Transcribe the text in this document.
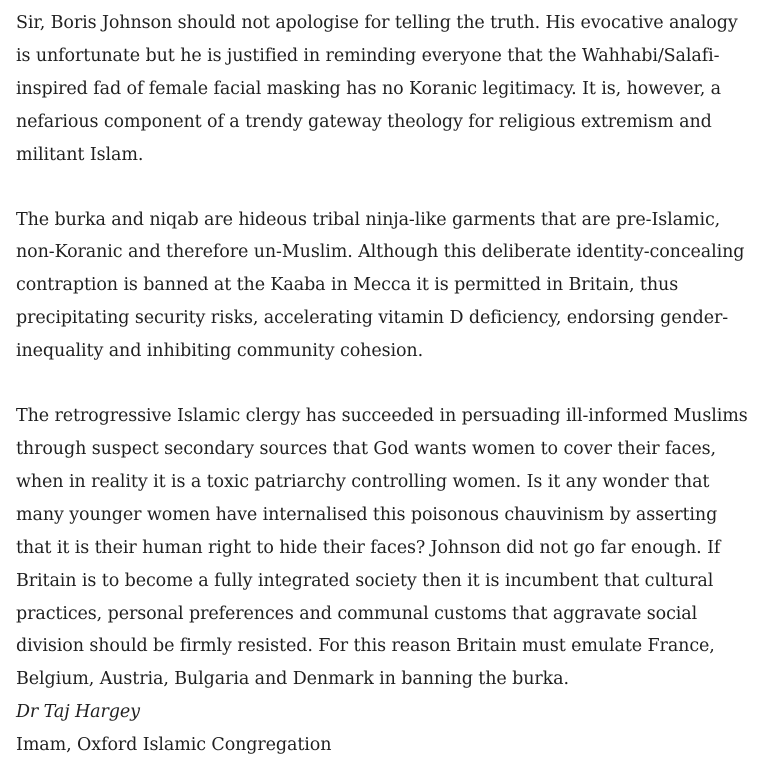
Sir, Boris Johnson should not apologise for telling the truth. His evocative analogy is unfortunate but he is justified in reminding everyone that the Wahhabi/Salafi-inspired fad of female facial masking has no Koranic legitimacy. It is, however, a nefarious component of a trendy gateway theology for religious extremism and militant Islam.

The burka and niqab are hideous tribal ninja-like garments that are pre-Islamic, non-Koranic and therefore un-Muslim. Although this deliberate identity-concealing contraption is banned at the Kaaba in Mecca it is permitted in Britain, thus precipitating security risks, accelerating vitamin D deficiency, endorsing gender-inequality and inhibiting community cohesion.

The retrogressive Islamic clergy has succeeded in persuading ill-informed Muslims through suspect secondary sources that God wants women to cover their faces, when in reality it is a toxic patriarchy controlling women. Is it any wonder that many younger women have internalised this poisonous chauvinism by asserting that it is their human right to hide their faces? Johnson did not go far enough. If Britain is to become a fully integrated society then it is incumbent that cultural practices, personal preferences and communal customs that aggravate social division should be firmly resisted. For this reason Britain must emulate France, Belgium, Austria, Bulgaria and Denmark in banning the burka.

Dr Taj Hargey

Imam, Oxford Islamic Congregation
